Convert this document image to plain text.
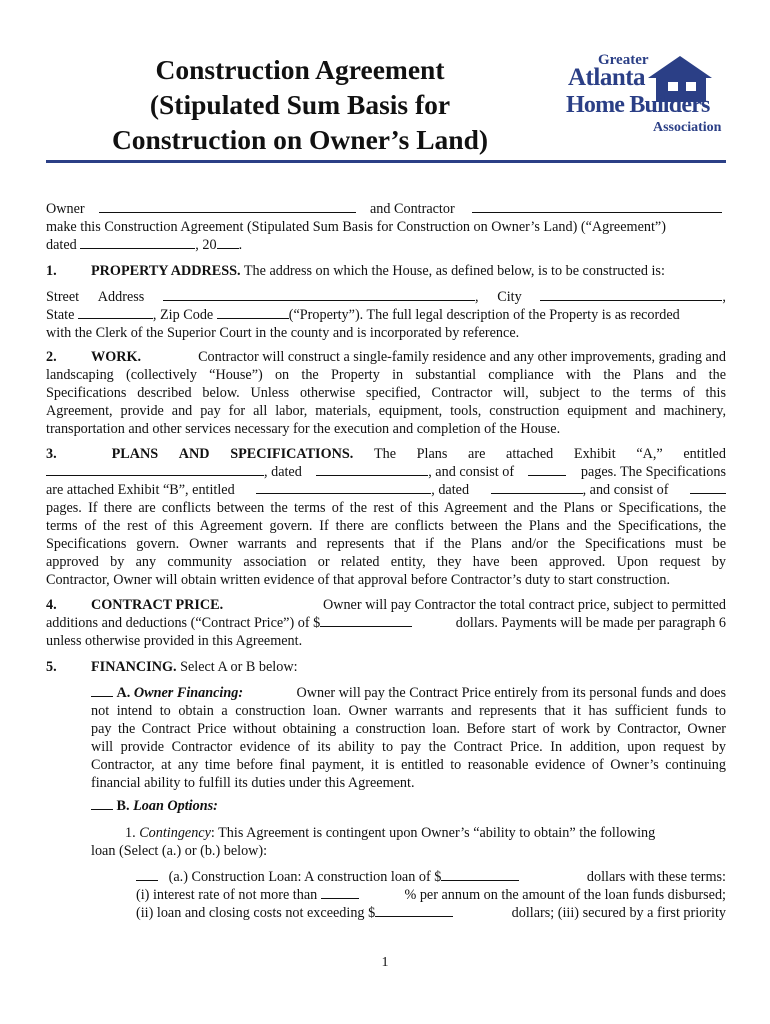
Construction Agreement
(Stipulated Sum Basis for
Construction on Owner’s Land)
Greater
Atlanta
Home Builders
Association
Owner	and Contractor
make this Construction Agreement (Stipulated Sum Basis for Construction on Owner’s Land) (“Agreement”)
dated	, 20 .
1. PROPERTY ADDRESS. The address on which the House, as defined below, is to be constructed is:
Street Address	, City	,
State	, Zip Code	(“Property”). The full legal description of the Property is as recorded
with the Clerk of the Superior Court in the county and is incorporated by reference.
2. WORK.	Contractor will construct a single-family residence and any other improvements, grading and
landscaping (collectively “House”) on the Property in substantial compliance with the Plans and the
Specifications described below. Unless otherwise specified, Contractor will, subject to the terms of this
Agreement, provide and pay for all labor, materials, equipment, tools, construction equipment and machinery,
transportation and other services necessary for the execution and completion of the House.
3.	PLANS AND SPECIFICATIONS. The Plans are attached Exhibit “A,” entitled
, dated	, and consist of	pages. The Specifications
are attached Exhibit “B”, entitled	, dated	, and consist of
pages. If there are conflicts between the terms of the rest of this Agreement and the Plans or Specifications, the
terms of the rest of this Agreement govern. If there are conflicts between the Plans and the Specifications, the
Specifications govern. Owner warrants and represents that if the Plans and/or the Specifications must be
approved by any community association or related entity, they have been approved. Upon request by
Contractor, Owner will obtain written evidence of that approval before Contractor’s duty to start construction.
4. CONTRACT PRICE.	Owner will pay Contractor the total contract price, subject to permitted
additions and deductions (“Contract Price”) of $	dollars. Payments will be made per paragraph 6
unless otherwise provided in this Agreement.
5. FINANCING. Select A or B below:
A. Owner Financing:	Owner will pay the Contract Price entirely from its personal funds and does
not intend to obtain a construction loan. Owner warrants and represents that it has sufficient funds to
pay the Contract Price without obtaining a construction loan. Before start of work by Contractor, Owner
will provide Contractor evidence of its ability to pay the Contract Price. In addition, upon request by
Contractor, at any time before final payment, it is entitled to reasonable evidence of Owner’s continuing
financial ability to fulfill its duties under this Agreement.
B. Loan Options:
1. Contingency: This Agreement is contingent upon Owner’s “ability to obtain” the following
loan (Select (a.) or (b.) below):
(a.) Construction Loan: A construction loan of $	dollars with these terms:
(i) interest rate of not more than	% per annum on the amount of the loan funds disbursed;
(ii) loan and closing costs not exceeding $	dollars; (iii) secured by a first priority
1
